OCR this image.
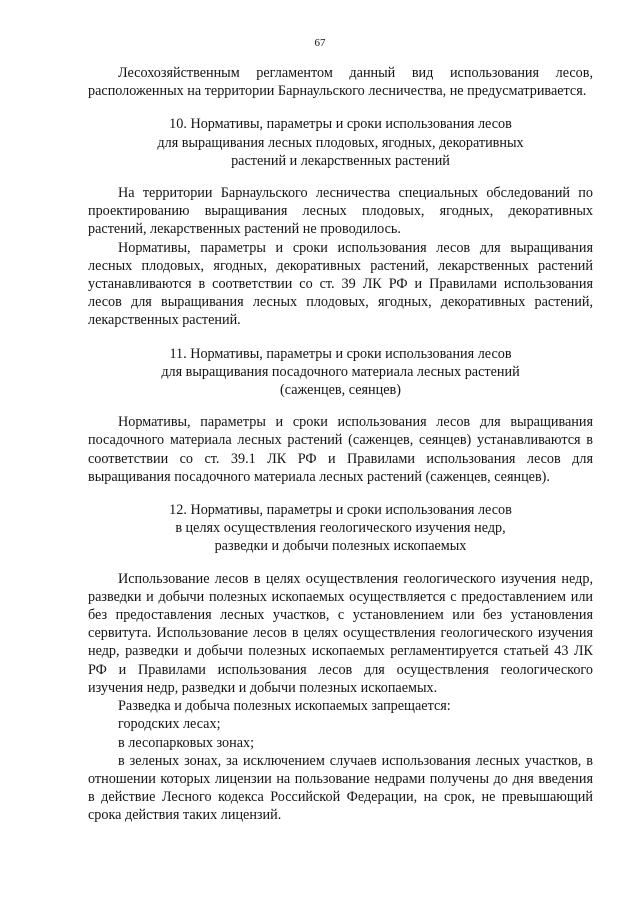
67

Лесохозяйственным регламентом данный вид использования лесов, расположенных на территории Барнаульского лесничества, не предусматривается.

10. Нормативы, параметры и сроки использования лесов
для выращивания лесных плодовых, ягодных, декоративных
растений и лекарственных растений

На территории Барнаульского лесничества специальных обследований по проектированию выращивания лесных плодовых, ягодных, декоративных растений, лекарственных растений не проводилось.

Нормативы, параметры и сроки использования лесов для выращивания лесных плодовых, ягодных, декоративных растений, лекарственных растений устанавливаются в соответствии со ст. 39 ЛК РФ и Правилами использования лесов для выращивания лесных плодовых, ягодных, декоративных растений, лекарственных растений.

11. Нормативы, параметры и сроки использования лесов
для выращивания посадочного материала лесных растений
(саженцев, сеянцев)

Нормативы, параметры и сроки использования лесов для выращивания посадочного материала лесных растений (саженцев, сеянцев) устанавливаются в соответствии со ст. 39.1 ЛК РФ и Правилами использования лесов для выращивания посадочного материала лесных растений (саженцев, сеянцев).

12. Нормативы, параметры и сроки использования лесов
в целях осуществления геологического изучения недр,
разведки и добычи полезных ископаемых

Использование лесов в целях осуществления геологического изучения недр, разведки и добычи полезных ископаемых осуществляется с предоставлением или без предоставления лесных участков, с установлением или без установления сервитута. Использование лесов в целях осуществления геологического изучения недр, разведки и добычи полезных ископаемых регламентируется статьей 43 ЛК РФ и Правилами использования лесов для осуществления геологического изучения недр, разведки и добычи полезных ископаемых.

Разведка и добыча полезных ископаемых запрещается:

городских лесах;

в лесопарковых зонах;

в зеленых зонах, за исключением случаев использования лесных участков, в отношении которых лицензии на пользование недрами получены до дня введения в действие Лесного кодекса Российской Федерации, на срок, не превышающий срока действия таких лицензий.
